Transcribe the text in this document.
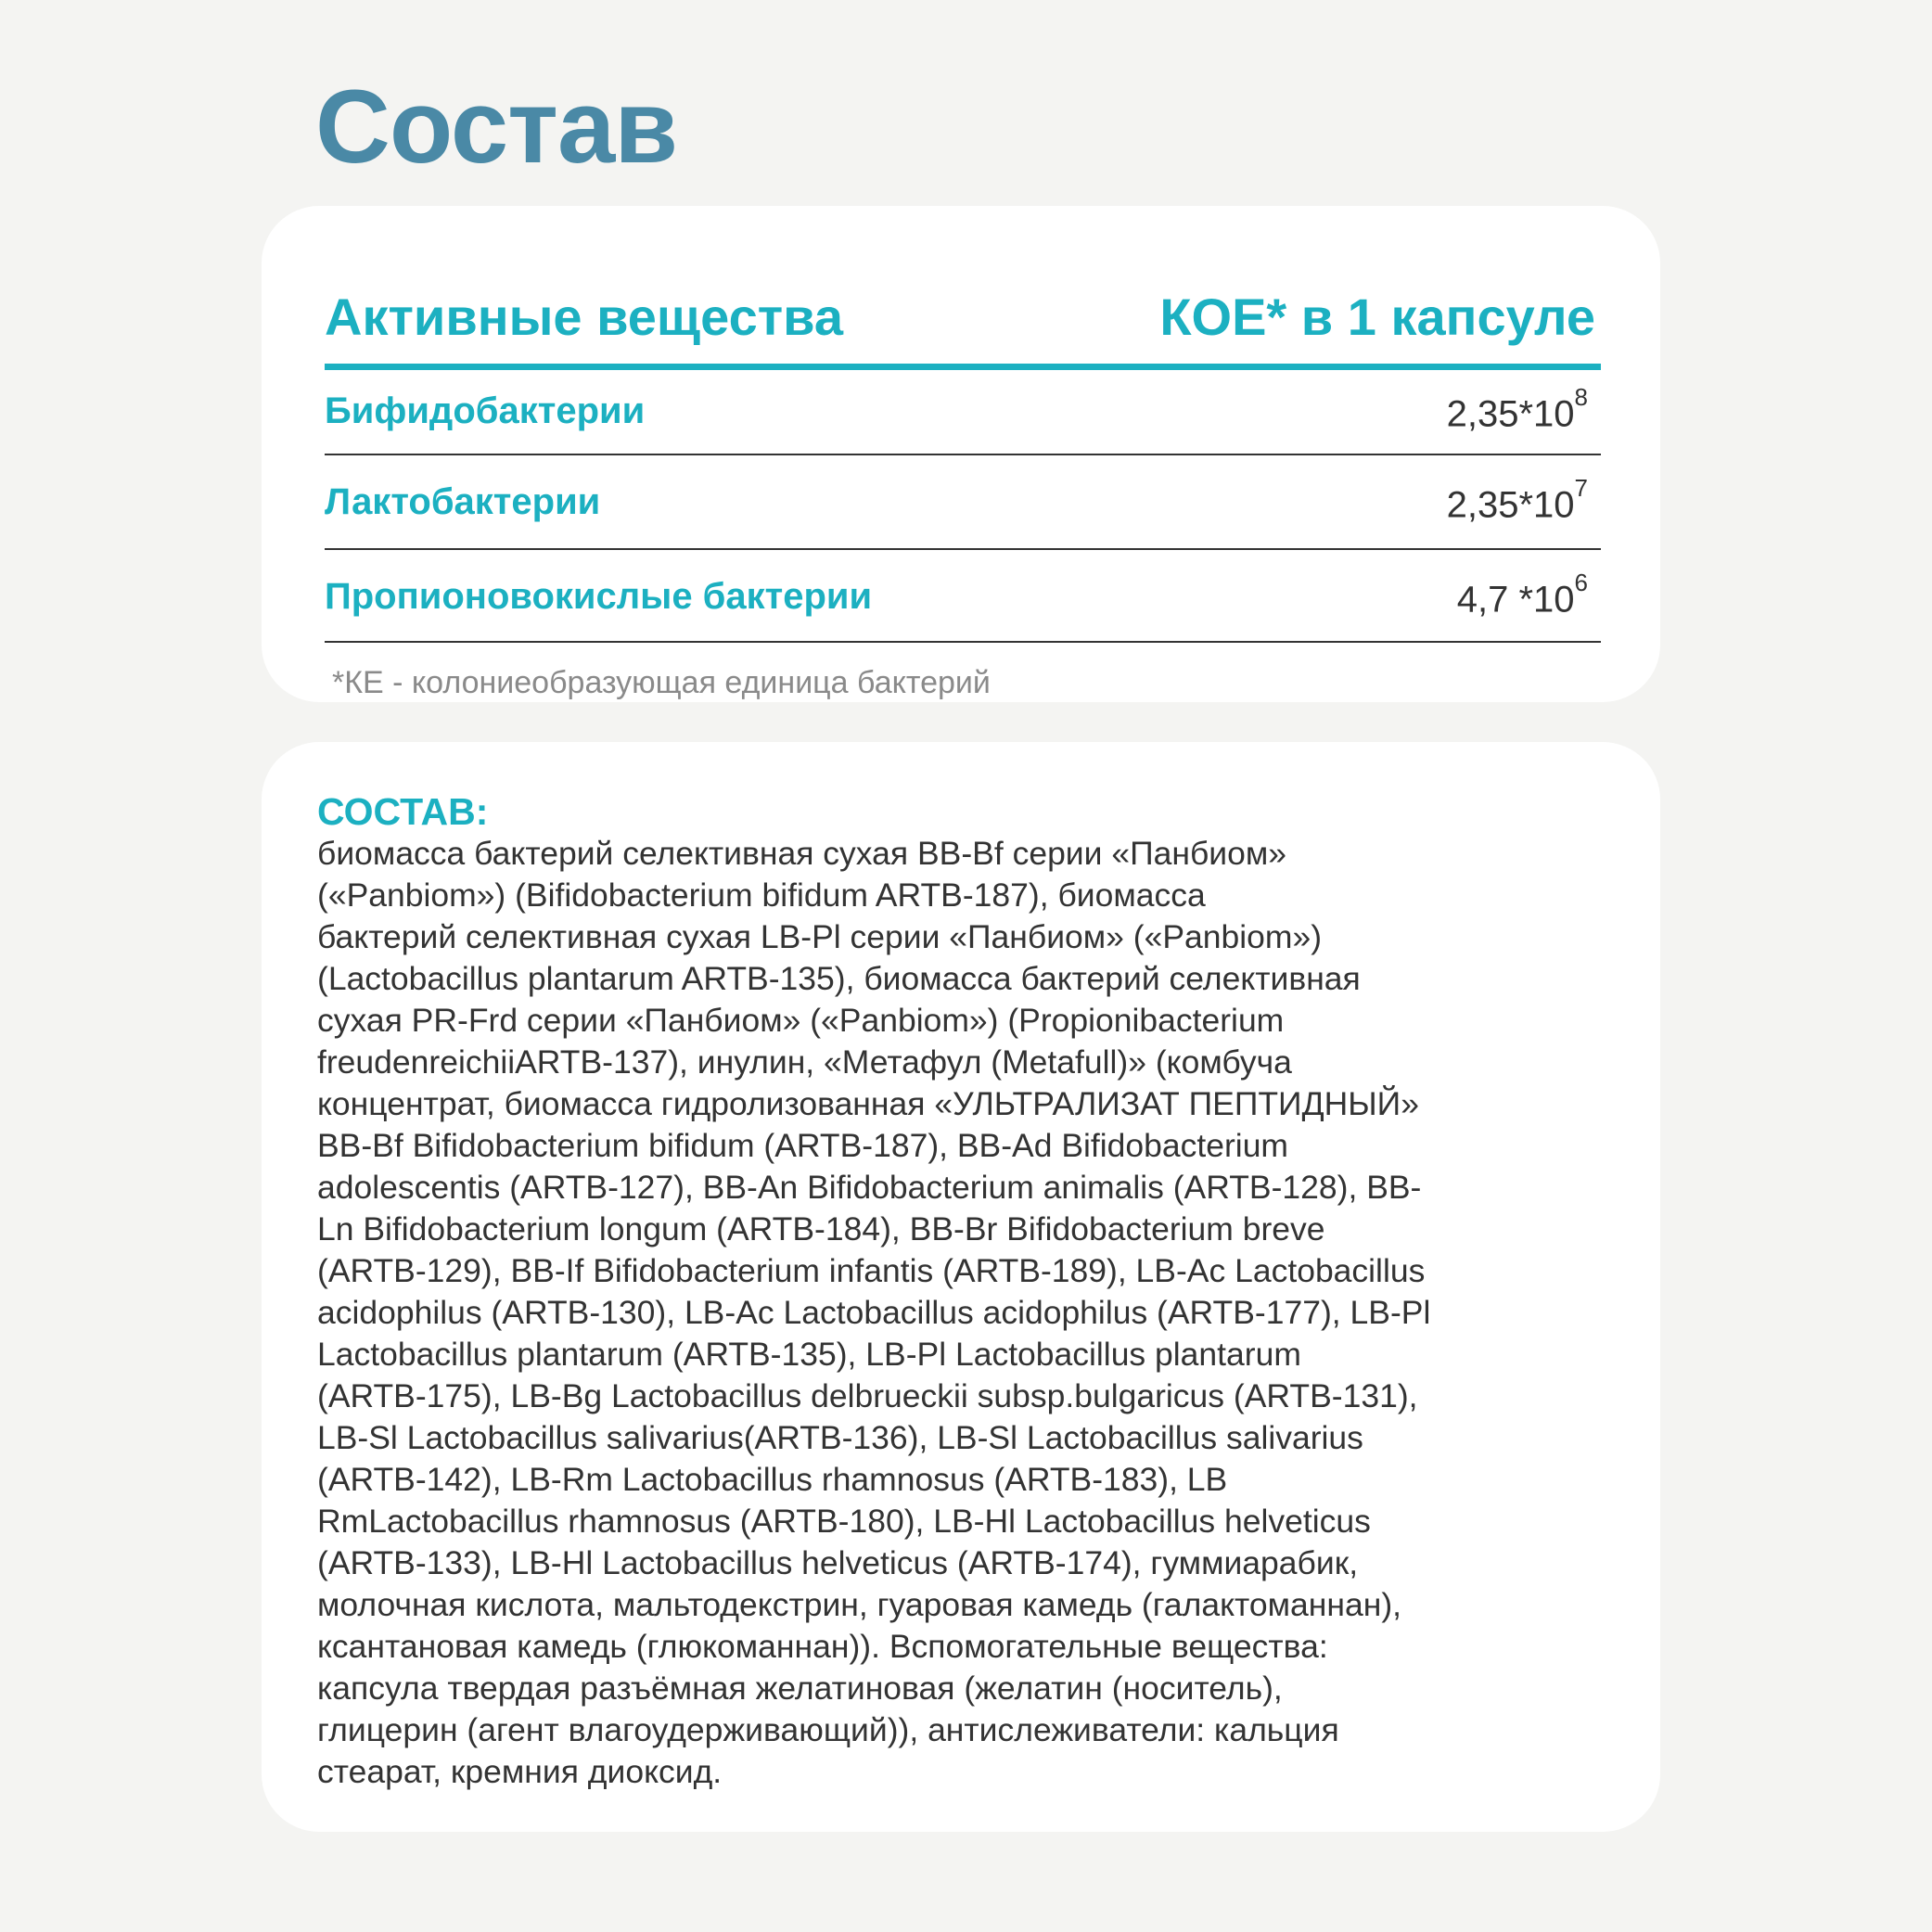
Состав
Активные вещества	КОЕ* в 1 капсуле
Бифидобактерии	$2,35*10^8$
Лактобактерии	$2,35*10^7$
Пропионовокислые бактерии	4,7 $*10^6$
*КЕ - колониеобразующая единица бактерий
СОСТАВ:

биомасса бактерий селективная сухая BB-Bf серии «Панбиом»
(«Panbiom») (Bifidobacterium bifidum ARTB-187), биомасса
бактерий селективная сухая LB-Pl серии «Панбиом» («Panbiom»)
(Lactobacillus plantarum ARTB-135), биомасса бактерий селективная
сухая PR-Frd серии «Панбиом» («Panbiom») (Propionibacterium
freudenreichiiARTB-137), инулин, «Метафул (Metafull)» (комбуча
концентрат, биомасса гидролизованная «УЛЬТРАЛИЗАТ ПЕПТИДНЫЙ»
BB-Bf Bifidobacterium bifidum (ARTB-187), BB-Ad Bifidobacterium
adolescentis (ARTB-127), BB-An Bifidobacterium animalis (ARTB-128), BB-
Ln Bifidobacterium longum (ARTB-184), BB-Br Bifidobacterium breve
(ARTB-129), BB-If Bifidobacterium infantis (ARTB-189), LB-Ac Lactobacillus
acidophilus (ARTB-130), LB-Ac Lactobacillus acidophilus (ARTB-177), LB-Pl
Lactobacillus plantarum (ARTB-135), LB-Pl Lactobacillus plantarum
(ARTB-175), LB-Bg Lactobacillus delbrueckii subsp.bulgaricus (ARTB-131),
LB-Sl Lactobacillus salivarius(ARTB-136), LB-Sl Lactobacillus salivarius
(ARTB-142), LB-Rm Lactobacillus rhamnosus (ARTB-183), LB
RmLactobacillus rhamnosus (ARTB-180), LB-Hl Lactobacillus helveticus
(ARTB-133), LB-Hl Lactobacillus helveticus (ARTB-174), гуммиарабик,
молочная кислота, мальтодекстрин, гуаровая камедь (галактоманнан),
ксантановая камедь (глюкоманнан)). Вспомогательные вещества:
капсула твердая разъёмная желатиновая (желатин (носитель),
глицерин (агент влагоудерживающий)), антислеживатели: кальция
стеарат, кремния диоксид.
